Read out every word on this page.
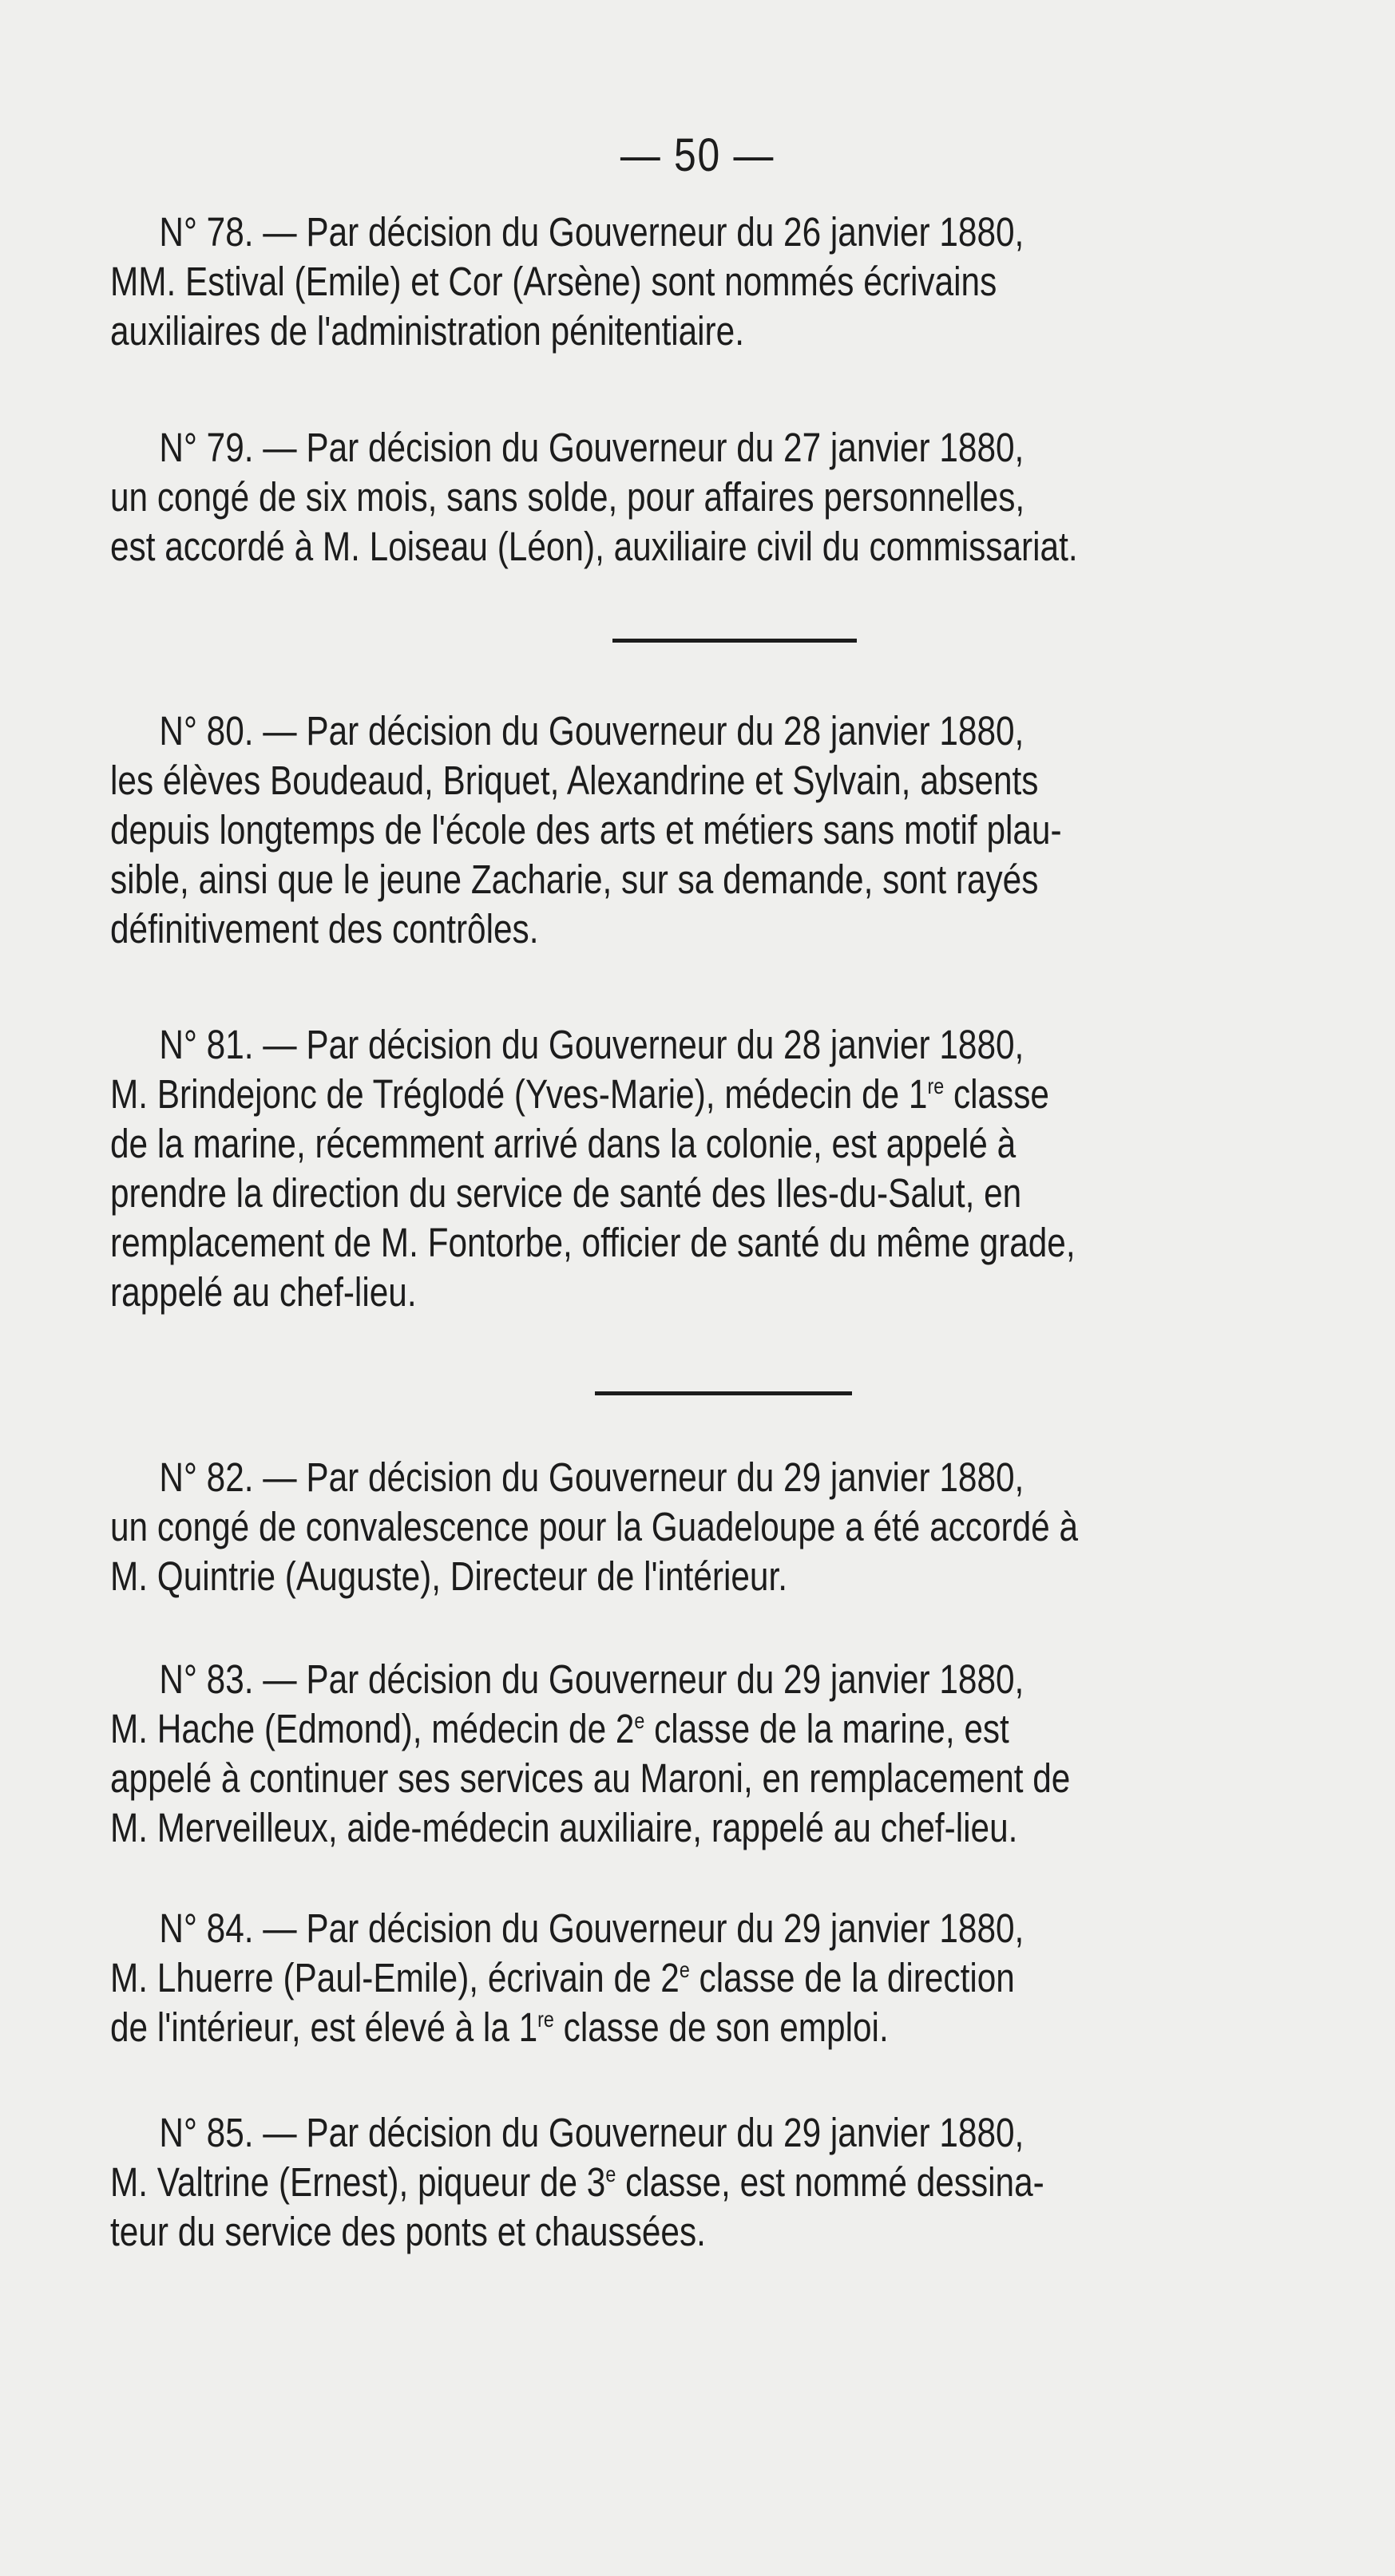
— 50 —
N° 78. — Par décision du Gouverneur du 26 janvier 1880,
MM. Estival (Emile) et Cor (Arsène) sont nommés écrivains
auxiliaires de l'administration pénitentiaire.
N° 79. — Par décision du Gouverneur du 27 janvier 1880,
un congé de six mois, sans solde, pour affaires personnelles,
est accordé à M. Loiseau (Léon), auxiliaire civil du commissariat.
N° 80. — Par décision du Gouverneur du 28 janvier 1880,
les élèves Boudeaud, Briquet, Alexandrine et Sylvain, absents
depuis longtemps de l'école des arts et métiers sans motif plau-
sible, ainsi que le jeune Zacharie, sur sa demande, sont rayés
définitivement des contrôles.
N° 81. — Par décision du Gouverneur du 28 janvier 1880,
M. Brindejonc de Tréglodé (Yves-Marie), médecin de 1re classe
de la marine, récemment arrivé dans la colonie, est appelé à
prendre la direction du service de santé des Iles-du-Salut, en
remplacement de M. Fontorbe, officier de santé du même grade,
rappelé au chef-lieu.
N° 82. — Par décision du Gouverneur du 29 janvier 1880,
un congé de convalescence pour la Guadeloupe a été accordé à
M. Quintrie (Auguste), Directeur de l'intérieur.
N° 83. — Par décision du Gouverneur du 29 janvier 1880,
M. Hache (Edmond), médecin de 2e classe de la marine, est
appelé à continuer ses services au Maroni, en remplacement de
M. Merveilleux, aide-médecin auxiliaire, rappelé au chef-lieu.
N° 84. — Par décision du Gouverneur du 29 janvier 1880,
M. Lhuerre (Paul-Emile), écrivain de 2e classe de la direction
de l'intérieur, est élevé à la 1re classe de son emploi.
N° 85. — Par décision du Gouverneur du 29 janvier 1880,
M. Valtrine (Ernest), piqueur de 3e classe, est nommé dessina-
teur du service des ponts et chaussées.
